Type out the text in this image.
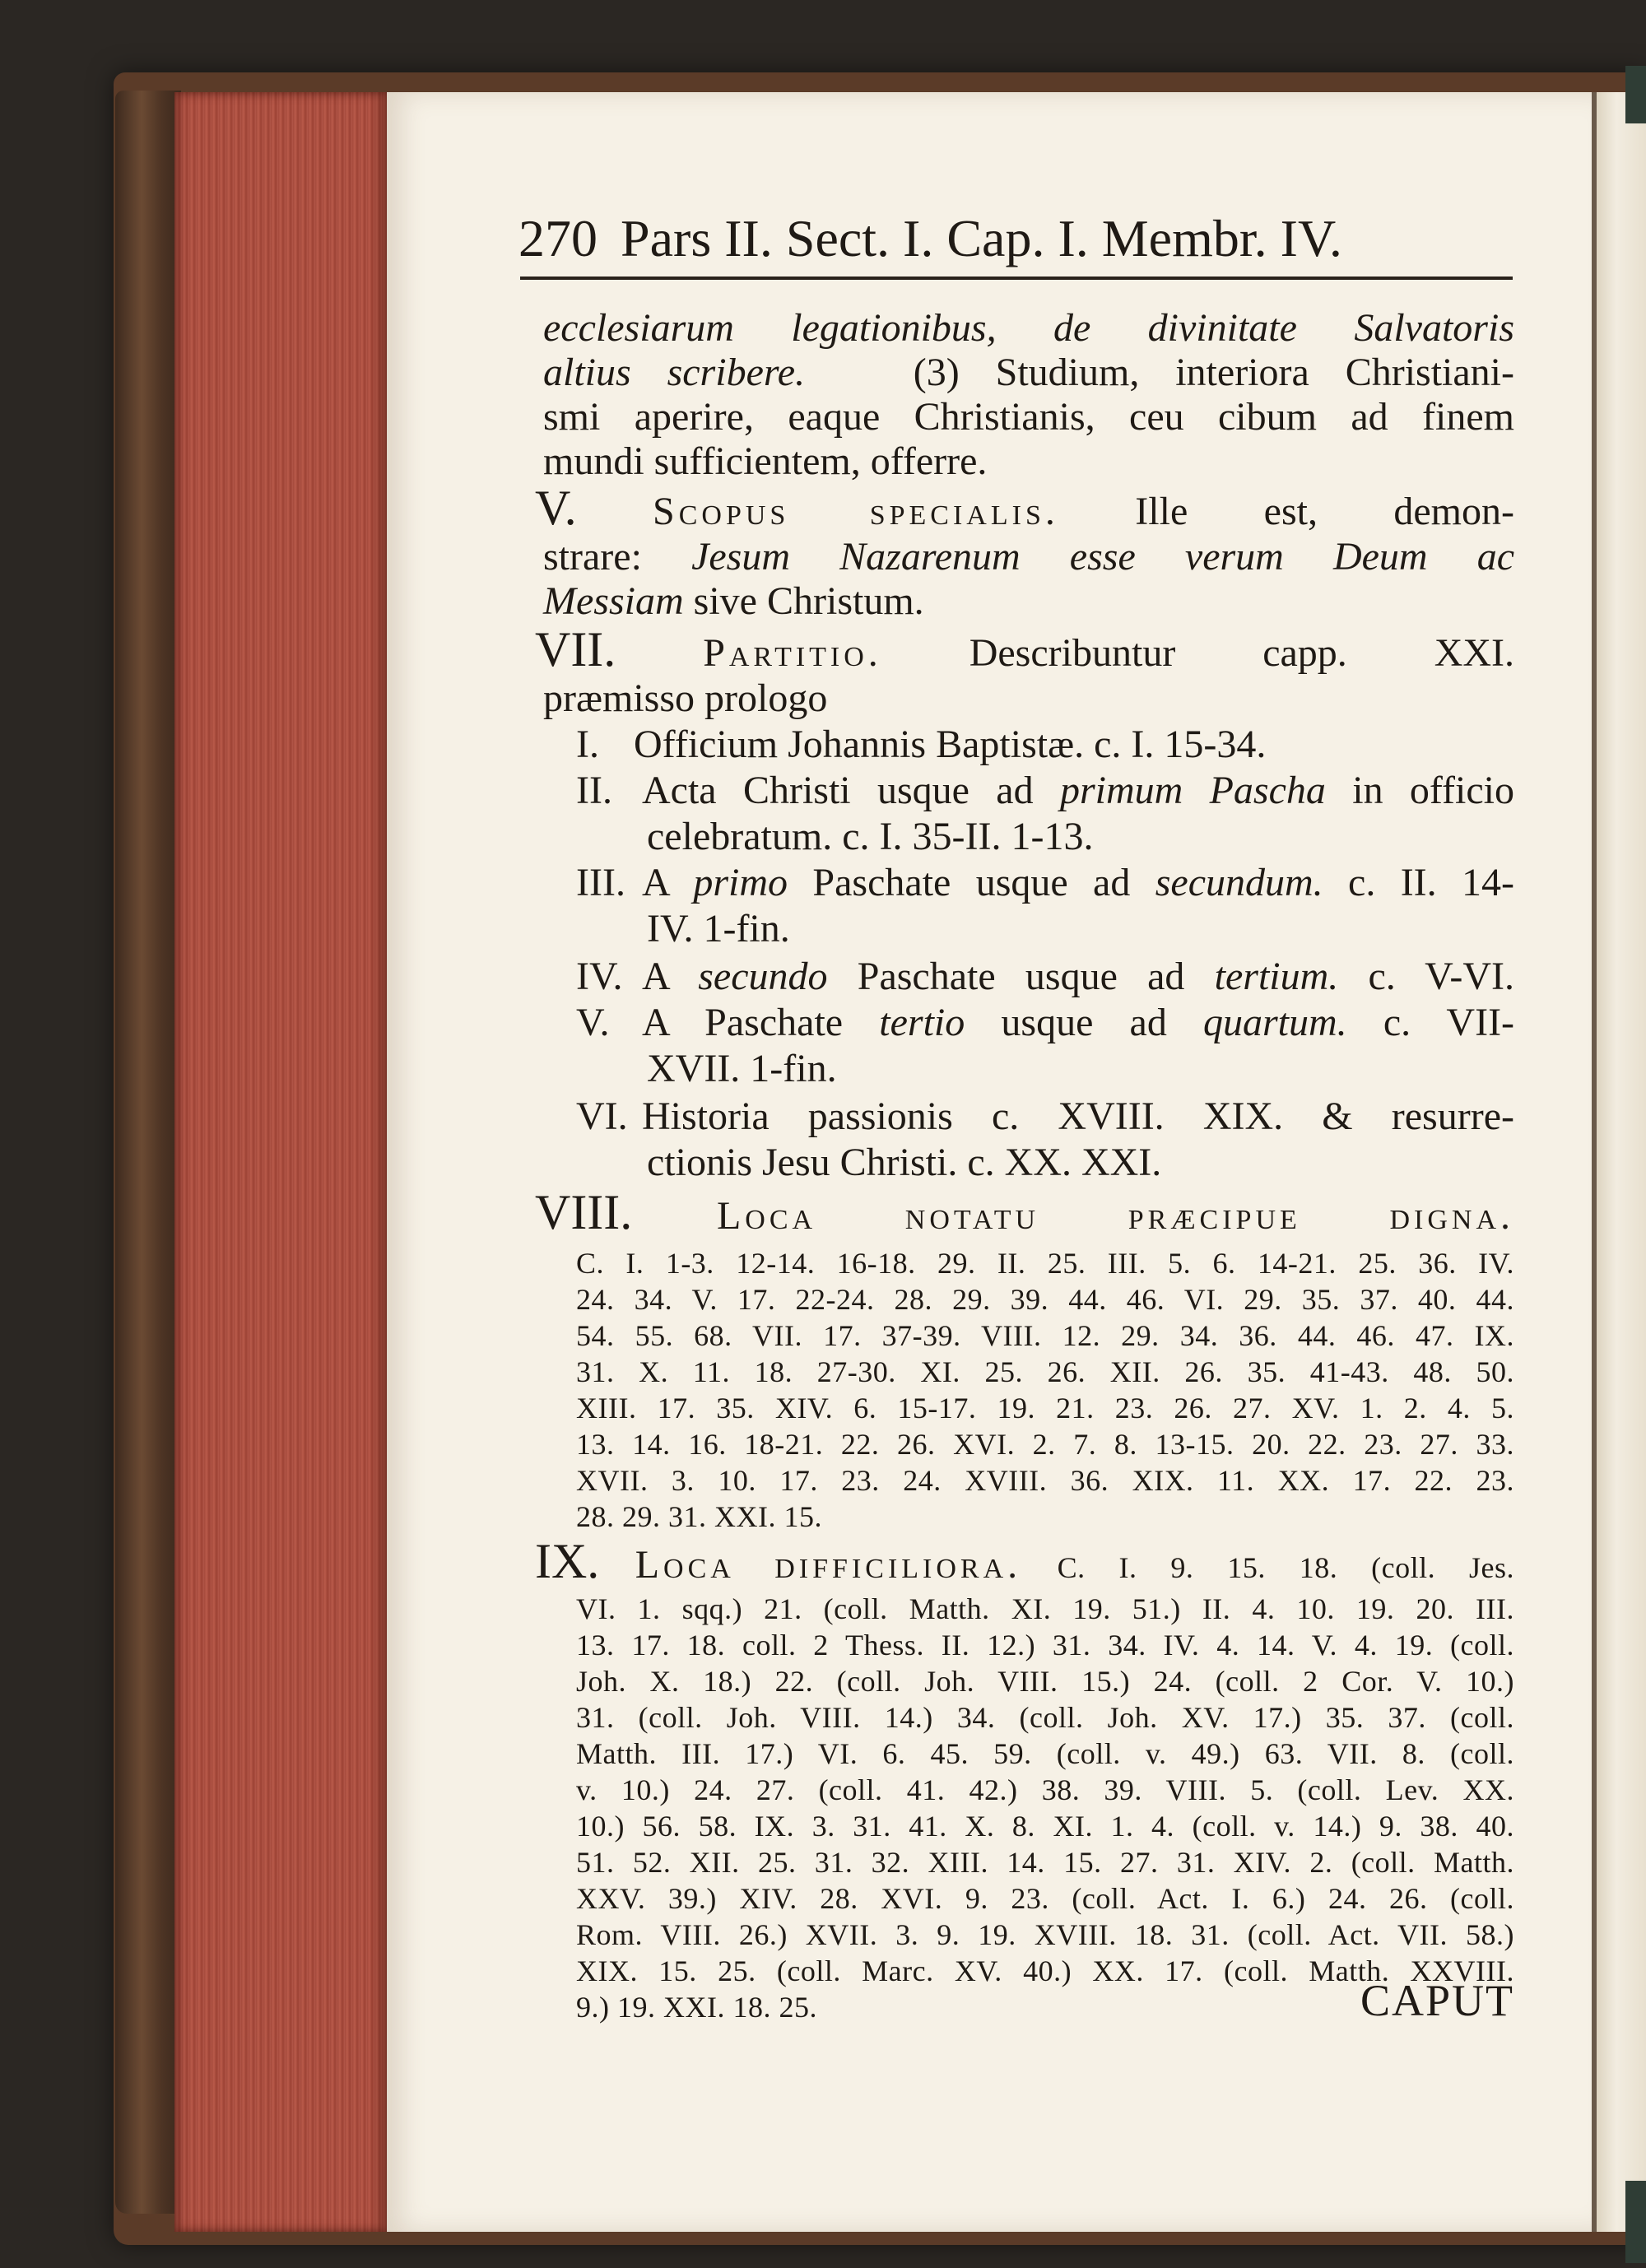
270 Pars II. Sect. I. Cap. I. Membr. IV.
ecclesiarum legationibus, de divinitate Salvatoris
altius scribere.	(3) Studium, interiora Christiani-
smi aperire, eaque Christianis, ceu cibum ad finem
mundi sufficientem, offerre.
V. Scopus specialis. Ille est, demon-
strare: Jesum Nazarenum esse verum Deum ac
Messiam sive Christum.
VII. Partitio. Describuntur capp. XXI.
præmisso prologo
I. Officium Johannis Baptistæ. c. I. 15-34.
II. Acta Christi usque ad primum Pascha in officio
celebratum. c. I. 35-II. 1-13.
III. A primo Paschate usque ad secundum. c. II. 14-
IV. 1-fin.
IV. A secundo Paschate usque ad tertium. c. V-VI.
V. A Paschate tertio usque ad quartum. c. VII-
XVII. 1-fin.
VI. Historia passionis c. XVIII. XIX. & resurre-
ctionis Jesu Christi. c. XX. XXI.
VIII. Loca notatu præcipue digna.
C. I. 1-3. 12-14. 16-18. 29. II. 25. III. 5. 6. 14-21. 25. 36. IV.
24. 34. V. 17. 22-24. 28. 29. 39. 44. 46. VI. 29. 35. 37. 40. 44.
54. 55. 68. VII. 17. 37-39. VIII. 12. 29. 34. 36. 44. 46. 47. IX.
31. X. 11. 18. 27-30. XI. 25. 26. XII. 26. 35. 41-43. 48. 50.
XIII. 17. 35. XIV. 6. 15-17. 19. 21. 23. 26. 27. XV. 1. 2. 4. 5.
13. 14. 16. 18-21. 22. 26. XVI. 2. 7. 8. 13-15. 20. 22. 23. 27. 33.
XVII. 3. 10. 17. 23. 24. XVIII. 36. XIX. 11. XX. 17. 22. 23.
28. 29. 31. XXI. 15.
IX. Loca difficiliora. C. I. 9. 15. 18. (coll. Jes.
VI. 1. sqq.) 21. (coll. Matth. XI. 19. 51.) II. 4. 10. 19. 20. III.
13. 17. 18. coll. 2 Thess. II. 12.) 31. 34. IV. 4. 14. V. 4. 19. (coll.
Joh. X. 18.) 22. (coll. Joh. VIII. 15.) 24. (coll. 2 Cor. V. 10.)
31. (coll. Joh. VIII. 14.) 34. (coll. Joh. XV. 17.) 35. 37. (coll.
Matth. III. 17.) VI. 6. 45. 59. (coll. v. 49.) 63. VII. 8. (coll.
v. 10.) 24. 27. (coll. 41. 42.) 38. 39. VIII. 5. (coll. Lev. XX.
10.) 56. 58. IX. 3. 31. 41. X. 8. XI. 1. 4. (coll. v. 14.) 9. 38. 40.
51. 52. XII. 25. 31. 32. XIII. 14. 15. 27. 31. XIV. 2. (coll. Matth.
XXV. 39.) XIV. 28. XVI. 9. 23. (coll. Act. I. 6.) 24. 26. (coll.
Rom. VIII. 26.) XVII. 3. 9. 19. XVIII. 18. 31. (coll. Act. VII. 58.)
XIX. 15. 25. (coll. Marc. XV. 40.) XX. 17. (coll. Matth. XXVIII.
9.) 19. XXI. 18. 25.	CAPUT
